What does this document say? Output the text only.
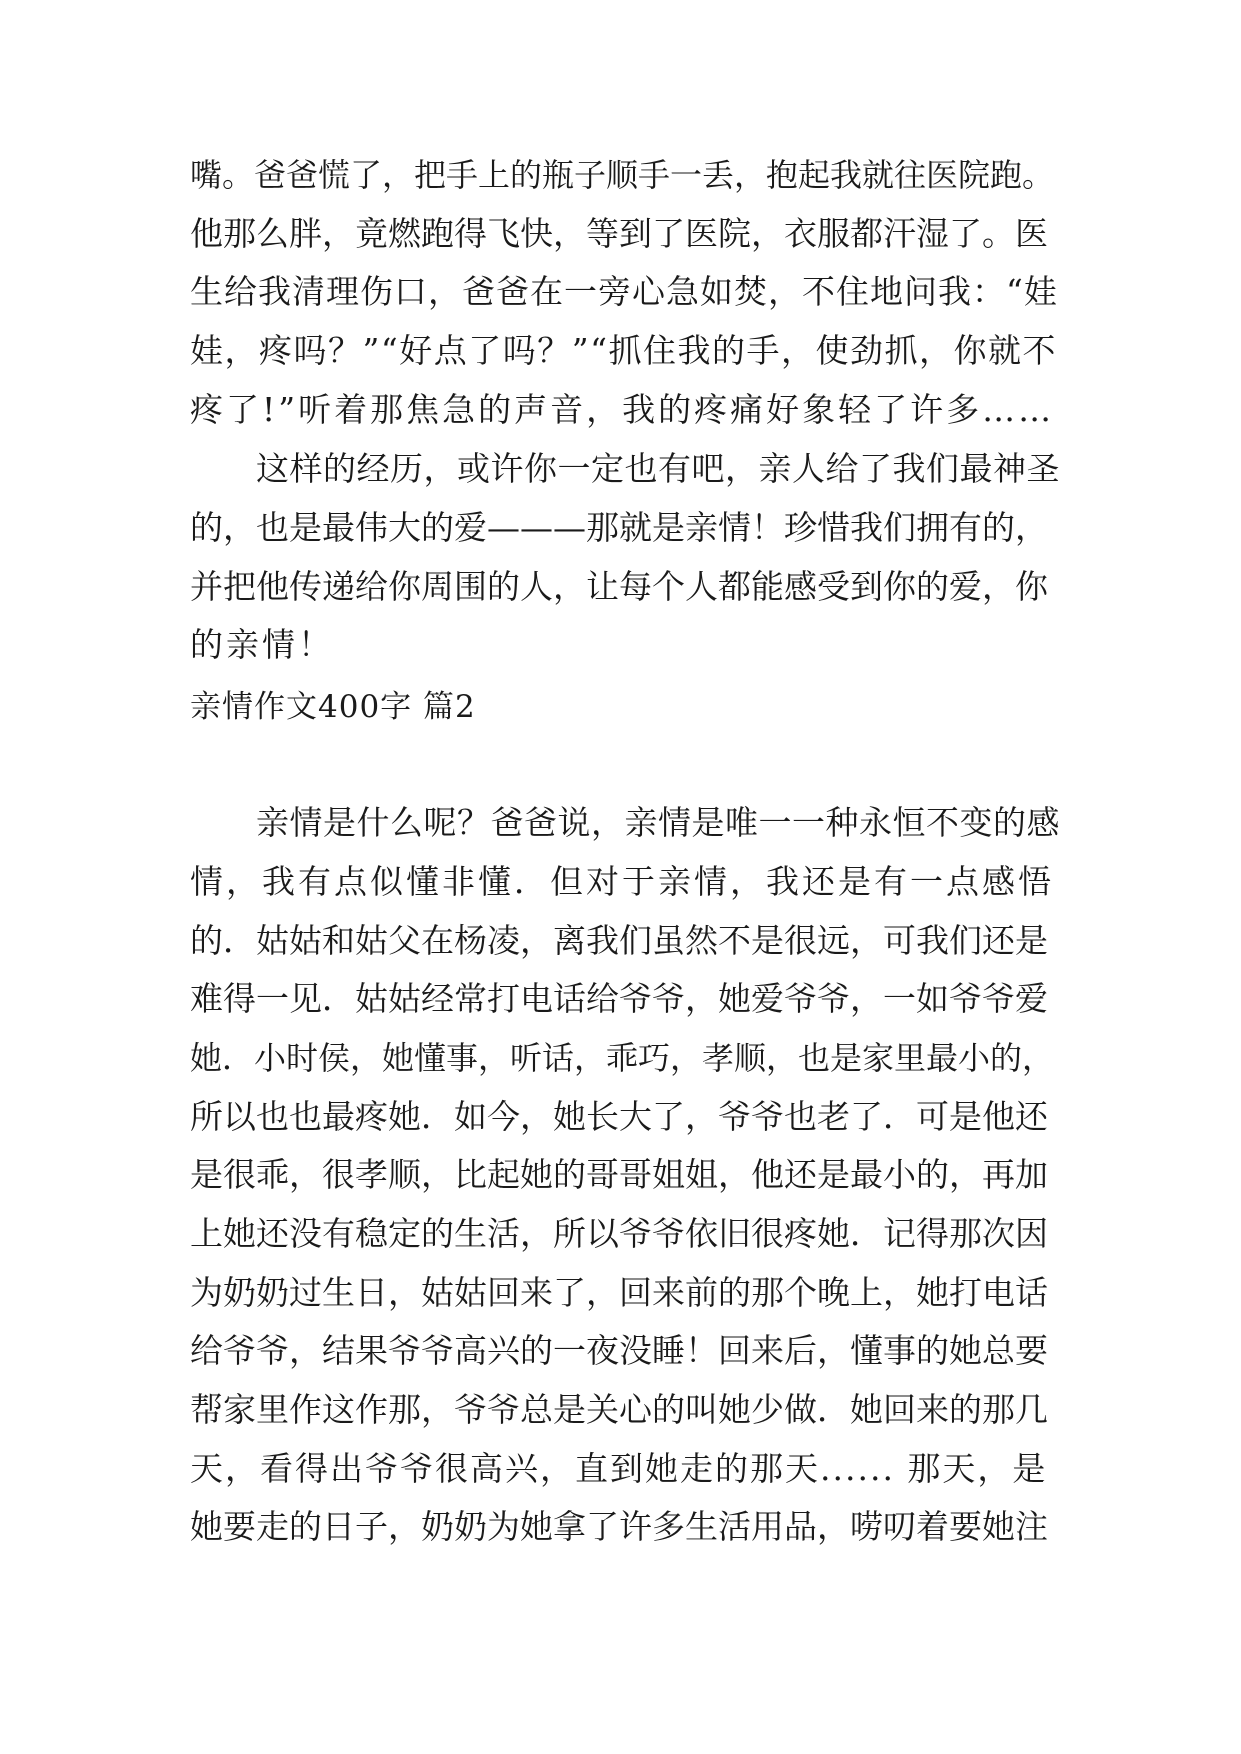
嘴。爸爸慌了，把手上的瓶子顺手一丢，抱起我就往医院跑。
他那么胖，竟燃跑得飞快，等到了医院，衣服都汗湿了。医
生给我清理伤口，爸爸在一旁心急如焚，不住地问我：“娃
娃，疼吗？”“好点了吗？”“抓住我的手，使劲抓，你就不
疼了!”听着那焦急的声音，我的疼痛好象轻了许多……
这样的经历，或许你一定也有吧，亲人给了我们最神圣
的，也是最伟大的爱———那就是亲情！珍惜我们拥有的，
并把他传递给你周围的人，让每个人都能感受到你的爱，你
的亲情！
亲情作文400字 篇2
亲情是什么呢？爸爸说，亲情是唯一一种永恒不变的感
情，我有点似懂非懂．但对于亲情，我还是有一点感悟
的．姑姑和姑父在杨凌，离我们虽然不是很远，可我们还是
难得一见．姑姑经常打电话给爷爷，她爱爷爷，一如爷爷爱
她．小时侯，她懂事，听话，乖巧，孝顺，也是家里最小的，
所以也也最疼她．如今，她长大了，爷爷也老了．可是他还
是很乖，很孝顺，比起她的哥哥姐姐，他还是最小的，再加
上她还没有稳定的生活，所以爷爷依旧很疼她．记得那次因
为奶奶过生日，姑姑回来了，回来前的那个晚上，她打电话
给爷爷，结果爷爷高兴的一夜没睡！回来后，懂事的她总要
帮家里作这作那，爷爷总是关心的叫她少做．她回来的那几
天，看得出爷爷很高兴，直到她走的那天...... 那天，是
她要走的日子，奶奶为她拿了许多生活用品，唠叨着要她注
